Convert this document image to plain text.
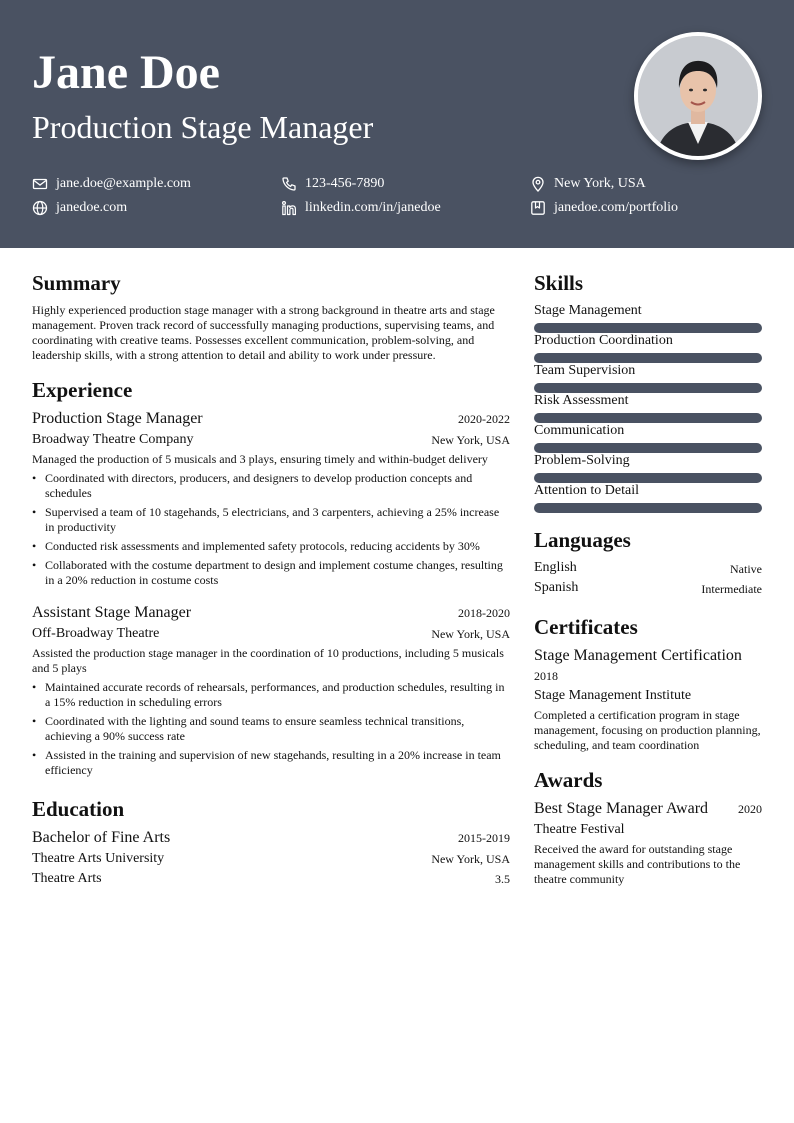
Jane Doe
Production Stage Manager
jane.doe@example.com	123-456-7890	New York, USA
janedoe.com	linkedin.com/in/janedoe	janedoe.com/portfolio
Summary
Highly experienced production stage manager with a strong background in theatre arts and stage management. Proven track record of successfully managing productions, supervising teams, and coordinating with creative teams. Possesses excellent communication, problem-solving, and leadership skills, with a strong attention to detail and ability to work under pressure.
Experience
Production Stage Manager	2020-2022
Broadway Theatre Company	New York, USA
Managed the production of 5 musicals and 3 plays, ensuring timely and within-budget delivery
• Coordinated with directors, producers, and designers to develop production concepts and schedules
• Supervised a team of 10 stagehands, 5 electricians, and 3 carpenters, achieving a 25% increase in productivity
• Conducted risk assessments and implemented safety protocols, reducing accidents by 30%
• Collaborated with the costume department to design and implement costume changes, resulting in a 20% reduction in costume costs
Assistant Stage Manager	2018-2020
Off-Broadway Theatre	New York, USA
Assisted the production stage manager in the coordination of 10 productions, including 5 musicals and 5 plays
• Maintained accurate records of rehearsals, performances, and production schedules, resulting in a 15% reduction in scheduling errors
• Coordinated with the lighting and sound teams to ensure seamless technical transitions, achieving a 90% success rate
• Assisted in the training and supervision of new stagehands, resulting in a 20% increase in team efficiency
Education
Bachelor of Fine Arts	2015-2019
Theatre Arts University	New York, USA
Theatre Arts	3.5
Skills
Stage Management
Production Coordination
Team Supervision
Risk Assessment
Communication
Problem-Solving
Attention to Detail
Languages
English	Native
Spanish	Intermediate
Certificates
Stage Management Certification
2018
Stage Management Institute
Completed a certification program in stage management, focusing on production planning, scheduling, and team coordination
Awards
Best Stage Manager Award	2020
Theatre Festival
Received the award for outstanding stage management skills and contributions to the theatre community
